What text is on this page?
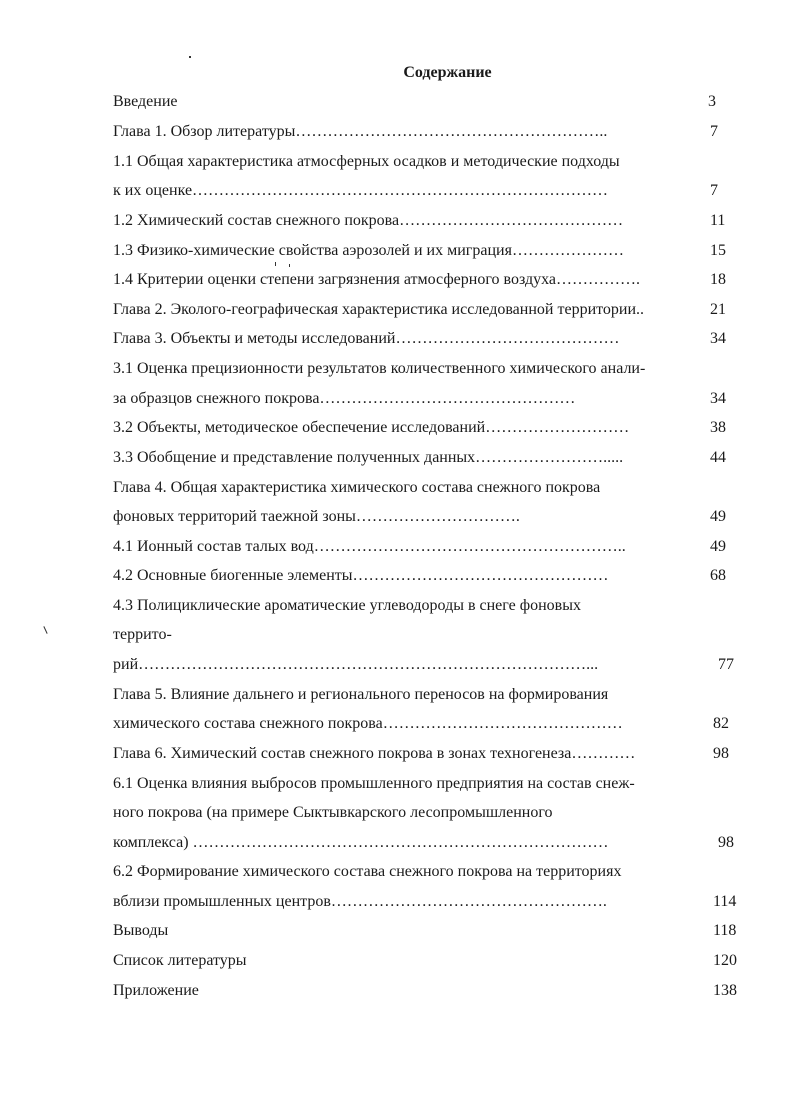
Содержание
Введение	3
Глава 1. Обзор литературы…………………………………………………..	7
1.1 Общая характеристика атмосферных осадков и методические подходы
к их оценке……………………………………………………………………	7
1.2 Химический состав снежного покрова……………………………………	11
1.3 Физико-химические свойства аэрозолей и их миграция…………………	15
1.4 Критерии оценки степени загрязнения атмосферного воздуха…………….	18
Глава 2. Эколого-географическая характеристика исследованной территории..	21
Глава 3. Объекты и методы исследований……………………………………	34
3.1 Оценка прецизионности результатов количественного химического анали-
за образцов снежного покрова…………………………………………	34
3.2 Объекты, методическое обеспечение исследований………………………	38
3.3 Обобщение и представление полученных данных…………………….....	44
Глава 4. Общая характеристика химического состава снежного покрова
фоновых территорий таежной зоны………………………….	49
4.1 Ионный состав талых вод…………………………………………………..	49
4.2 Основные биогенные элементы…………………………………………	68
4.3 Полициклические ароматические углеводороды в снеге фоновых
террито-
рий…………………………………………………………………………...	77
Глава 5. Влияние дальнего и регионального переносов на формирования
химического состава снежного покрова………………………………………	82
Глава 6. Химический состав снежного покрова в зонах техногенеза…………	98
6.1 Оценка влияния выбросов промышленного предприятия на состав снеж-
ного покрова (на примере Сыктывкарского лесопромышленного
комплекса) ……………………………………………………………………	98
6.2 Формирование химического состава снежного покрова на территориях
вблизи промышленных центров…………………………………………….	114
Выводы	118
Список литературы	120
Приложение	138
